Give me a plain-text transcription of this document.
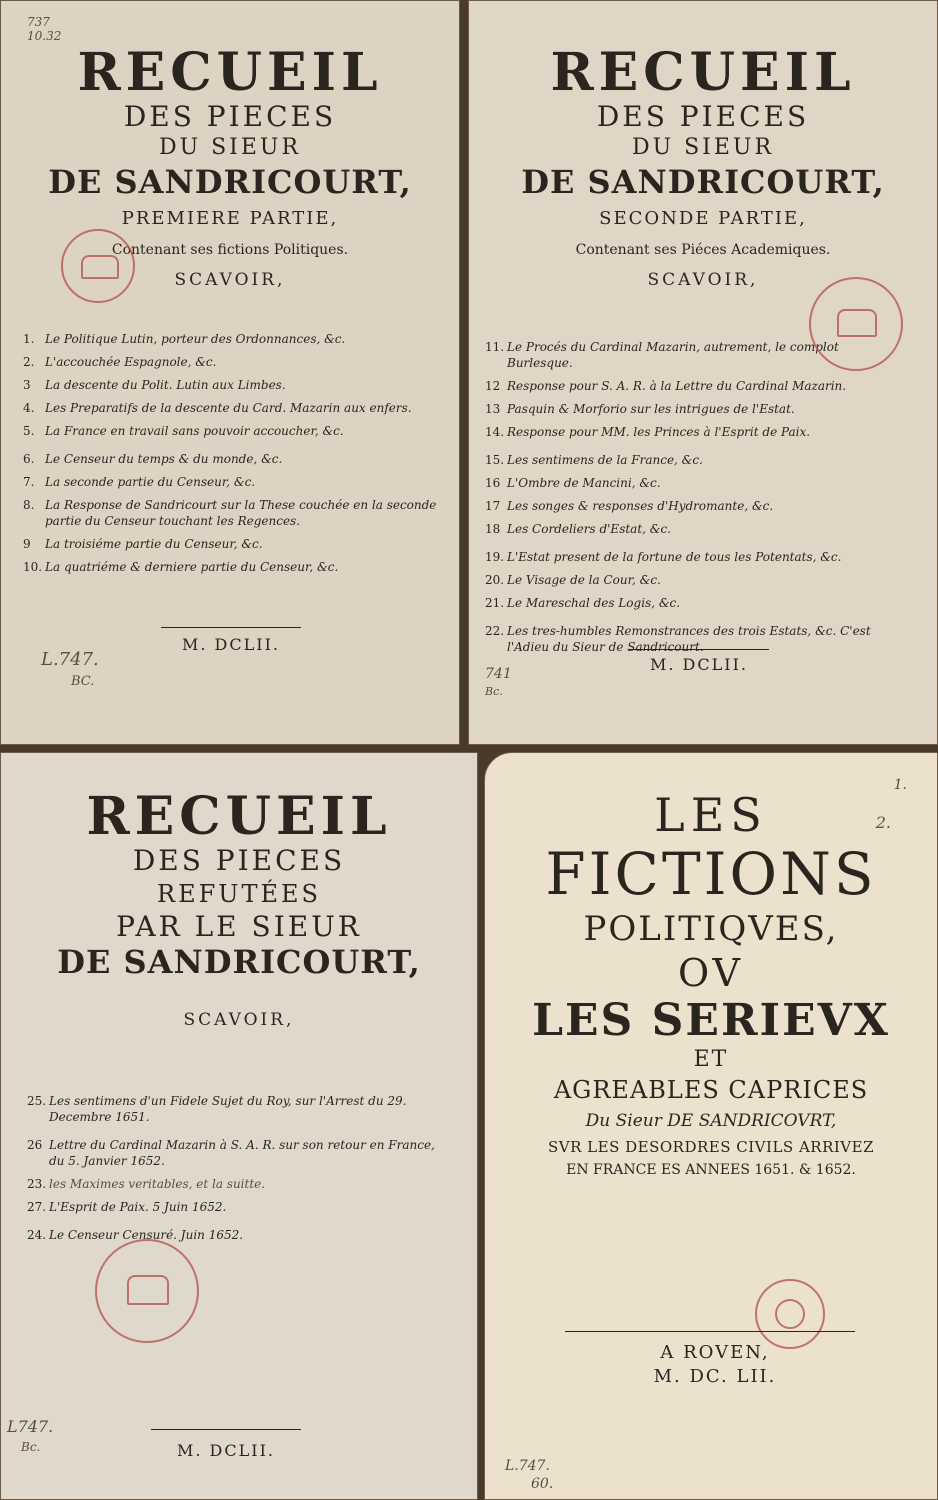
737
10.32
RECUEIL
DES PIECES
DU SIEUR
DE SANDRICOURT,
PREMIERE PARTIE,
Contenant ses fictions Politiques.
SCAVOIR,
1. Le Politique Lutin, porteur des Ordonnances, &c.
2. L'accouchée Espagnole, &c.
3	La descente du Polit. Lutin aux Limbes.
4. Les Preparatifs de la descente du Card. Mazarin aux enfers.
5. La France en travail sans pouvoir accoucher, &c.
6. Le Censeur du temps & du monde, &c.
7. La seconde partie du Censeur, &c.
8. La Response de Sandricourt sur la These couchée en la seconde partie du Censeur touchant les Regences.
9	La troisiéme partie du Censeur, &c.
10. La quatriéme & derniere partie du Censeur, &c.
M. DCLII.
L.747.
BC.
RECUEIL
DES PIECES
DU SIEUR
DE SANDRICOURT,
SECONDE PARTIE,
Contenant ses Piéces Academiques.
SCAVOIR,
11. Le Procés du Cardinal Mazarin, autrement, le complot Burlesque.
12 Response pour S. A. R. à la Lettre du Cardinal Mazarin.
13 Pasquin & Morforio sur les intrigues de l'Estat.
14. Response pour MM. les Princes à l'Esprit de Paix.
15. Les sentimens de la France, &c.
16 L'Ombre de Mancini, &c.
17 Les songes & responses d'Hydromante, &c.
18 Les Cordeliers d'Estat, &c.
19. L'Estat present de la fortune de tous les Potentats, &c.
20. Le Visage de la Cour, &c.
21. Le Mareschal des Logis, &c.
22. Les tres-humbles Remonstrances des trois Estats, &c. C'est l'Adieu du Sieur de Sandricourt.
M. DCLII.
741
Bc.
RECUEIL
DES PIECES
REFUTÉES
PAR LE SIEUR
DE SANDRICOURT,
SCAVOIR,
25. Les sentimens d'un Fidele Sujet du Roy, sur l'Arrest du 29. Decembre 1651.
26 Lettre du Cardinal Mazarin à S. A. R. sur son retour en France, du 5. Janvier 1652.
23. les Maximes veritables, et la suitte.
27. L'Esprit de Paix. 5 Juin 1652.
24. Le Censeur Censuré. Juin 1652.
M. DCLII.
L747.
Bc.
1.
2.
LES
FICTIONS
POLITIQVES,
OV
LES SERIEVX
ET
AGREABLES CAPRICES
Du Sieur DE SANDRICOVRT,
SVR LES DESORDRES CIVILS ARRIVEZ
EN FRANCE ES ANNEES 1651. & 1652.
A ROVEN,
M. DC. LII.
L.747.
60.
